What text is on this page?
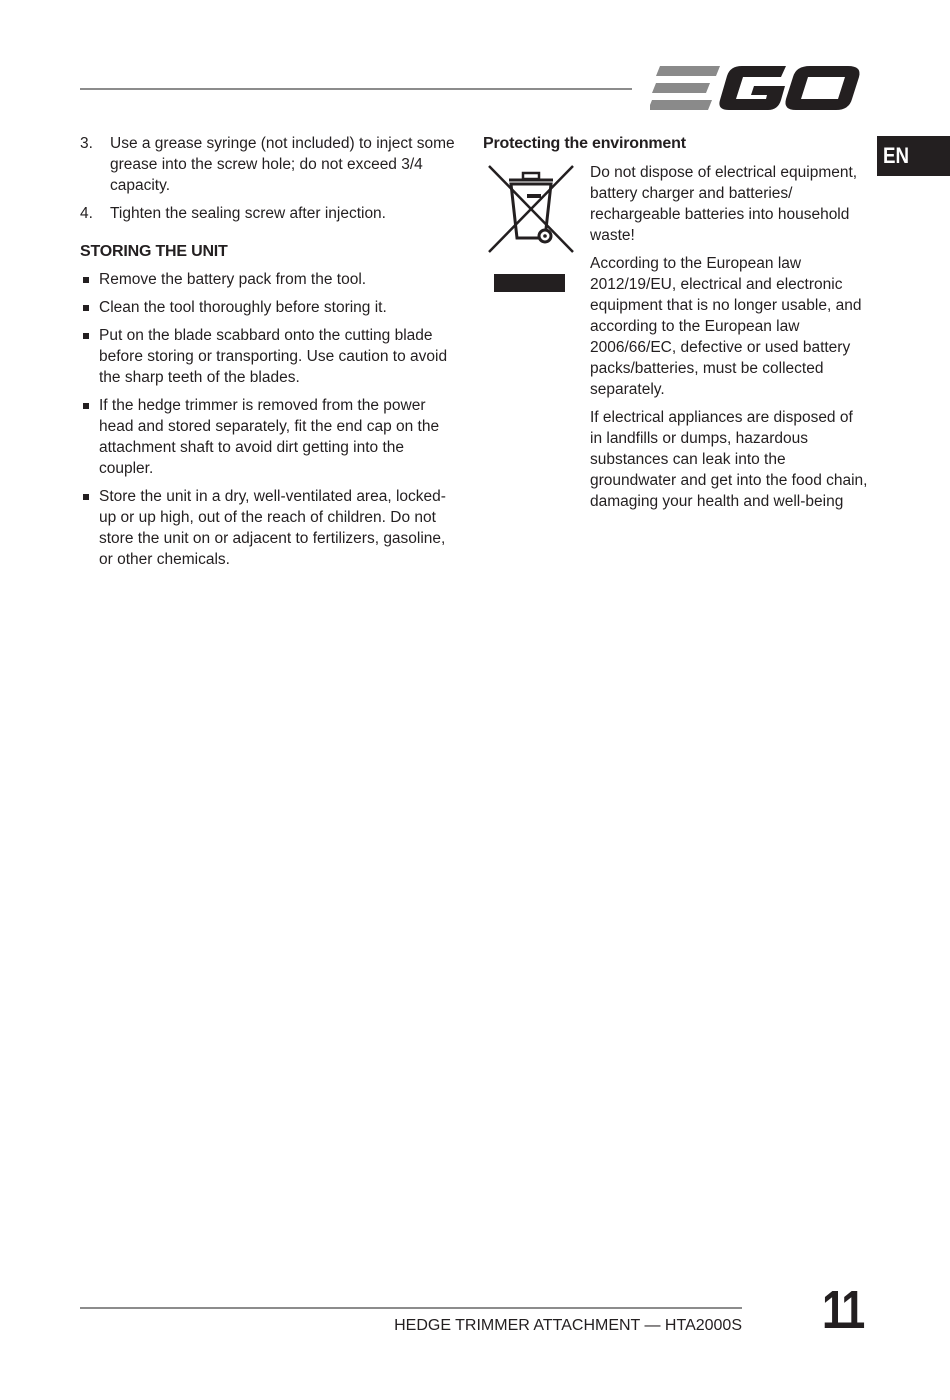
EN
3. Use a grease syringe (not included) to inject some grease into the screw hole; do not exceed 3/4 capacity.
4. Tighten the sealing screw after injection.
STORING THE UNIT
Remove the battery pack from the tool.
Clean the tool thoroughly before storing it.
Put on the blade scabbard onto the cutting blade before storing or transporting. Use caution to avoid the sharp teeth of the blades.
If the hedge trimmer is removed from the power head and stored separately, fit the end cap on the attachment shaft to avoid dirt getting into the coupler.
Store the unit in a dry, well-ventilated area, locked-up or up high, out of the reach of children. Do not store the unit on or adjacent to fertilizers, gasoline, or other chemicals.
Protecting the environment
Do not dispose of electrical equipment, battery charger and batteries/ rechargeable batteries into household waste!
According to the European law 2012/19/EU, electrical and electronic equipment that is no longer usable, and according to the European law 2006/66/EC, defective or used battery packs/batteries, must be collected separately.
If electrical appliances are disposed of in landfills or dumps, hazardous substances can leak into the groundwater and get into the food chain, damaging your health and well-being
HEDGE TRIMMER ATTACHMENT — HTA2000S 11
